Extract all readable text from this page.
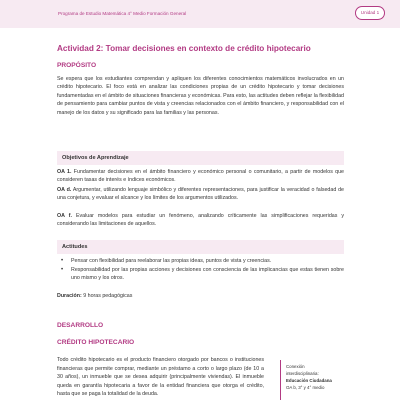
Programa de Estudio Matemática 4° Medio Formación General	Unidad 1
Actividad 2: Tomar decisiones en contexto de crédito hipotecario
PROPÓSITO
Se espera que los estudiantes comprendan y apliquen los diferentes conocimientos matemáticos involucrados en un crédito hipotecario. El foco está en analizar las condiciones propias de un crédito hipotecario y tomar decisiones fundamentadas en el ámbito de situaciones financieras y económicas. Para esto, las actitudes deben reflejar la flexibilidad de pensamiento para cambiar puntos de vista y creencias relacionados con el ámbito financiero, y responsabilidad con el manejo de los datos y su significado para las familias y las personas.
Objetivos de Aprendizaje
OA 1. Fundamentar decisiones en el ámbito financiero y económico personal o comunitario, a partir de modelos que consideren tasas de interés e índices económicos.
OA d. Argumentar, utilizando lenguaje simbólico y diferentes representaciones, para justificar la veracidad o falsedad de una conjetura, y evaluar el alcance y los límites de los argumentos utilizados.
OA f. Evaluar modelos para estudiar un fenómeno, analizando críticamente las simplificaciones requeridas y considerando las limitaciones de aquellos.
Actitudes
• Pensar con flexibilidad para reelaborar las propias ideas, puntos de vista y creencias.
• Responsabilidad por las propias acciones y decisiones con consciencia de las implicancias que estas tienen sobre uno mismo y los otros.
Duración: 9 horas pedagógicas
DESARROLLO
CRÉDITO HIPOTECARIO
Todo crédito hipotecario es el producto financiero otorgado por bancos o instituciones financieras que permite comprar, mediante un préstamo a corto o largo plazo (de 10 a 30 años), un inmueble que se desea adquirir (principalmente viviendas). El inmueble queda en garantía hipotecaria a favor de la entidad financiera que otorga el crédito, hasta que se paga la totalidad de la deuda.
Conexión
interdisciplinaria:
Educación Ciudadana
OA b, 3° y 4° medio
